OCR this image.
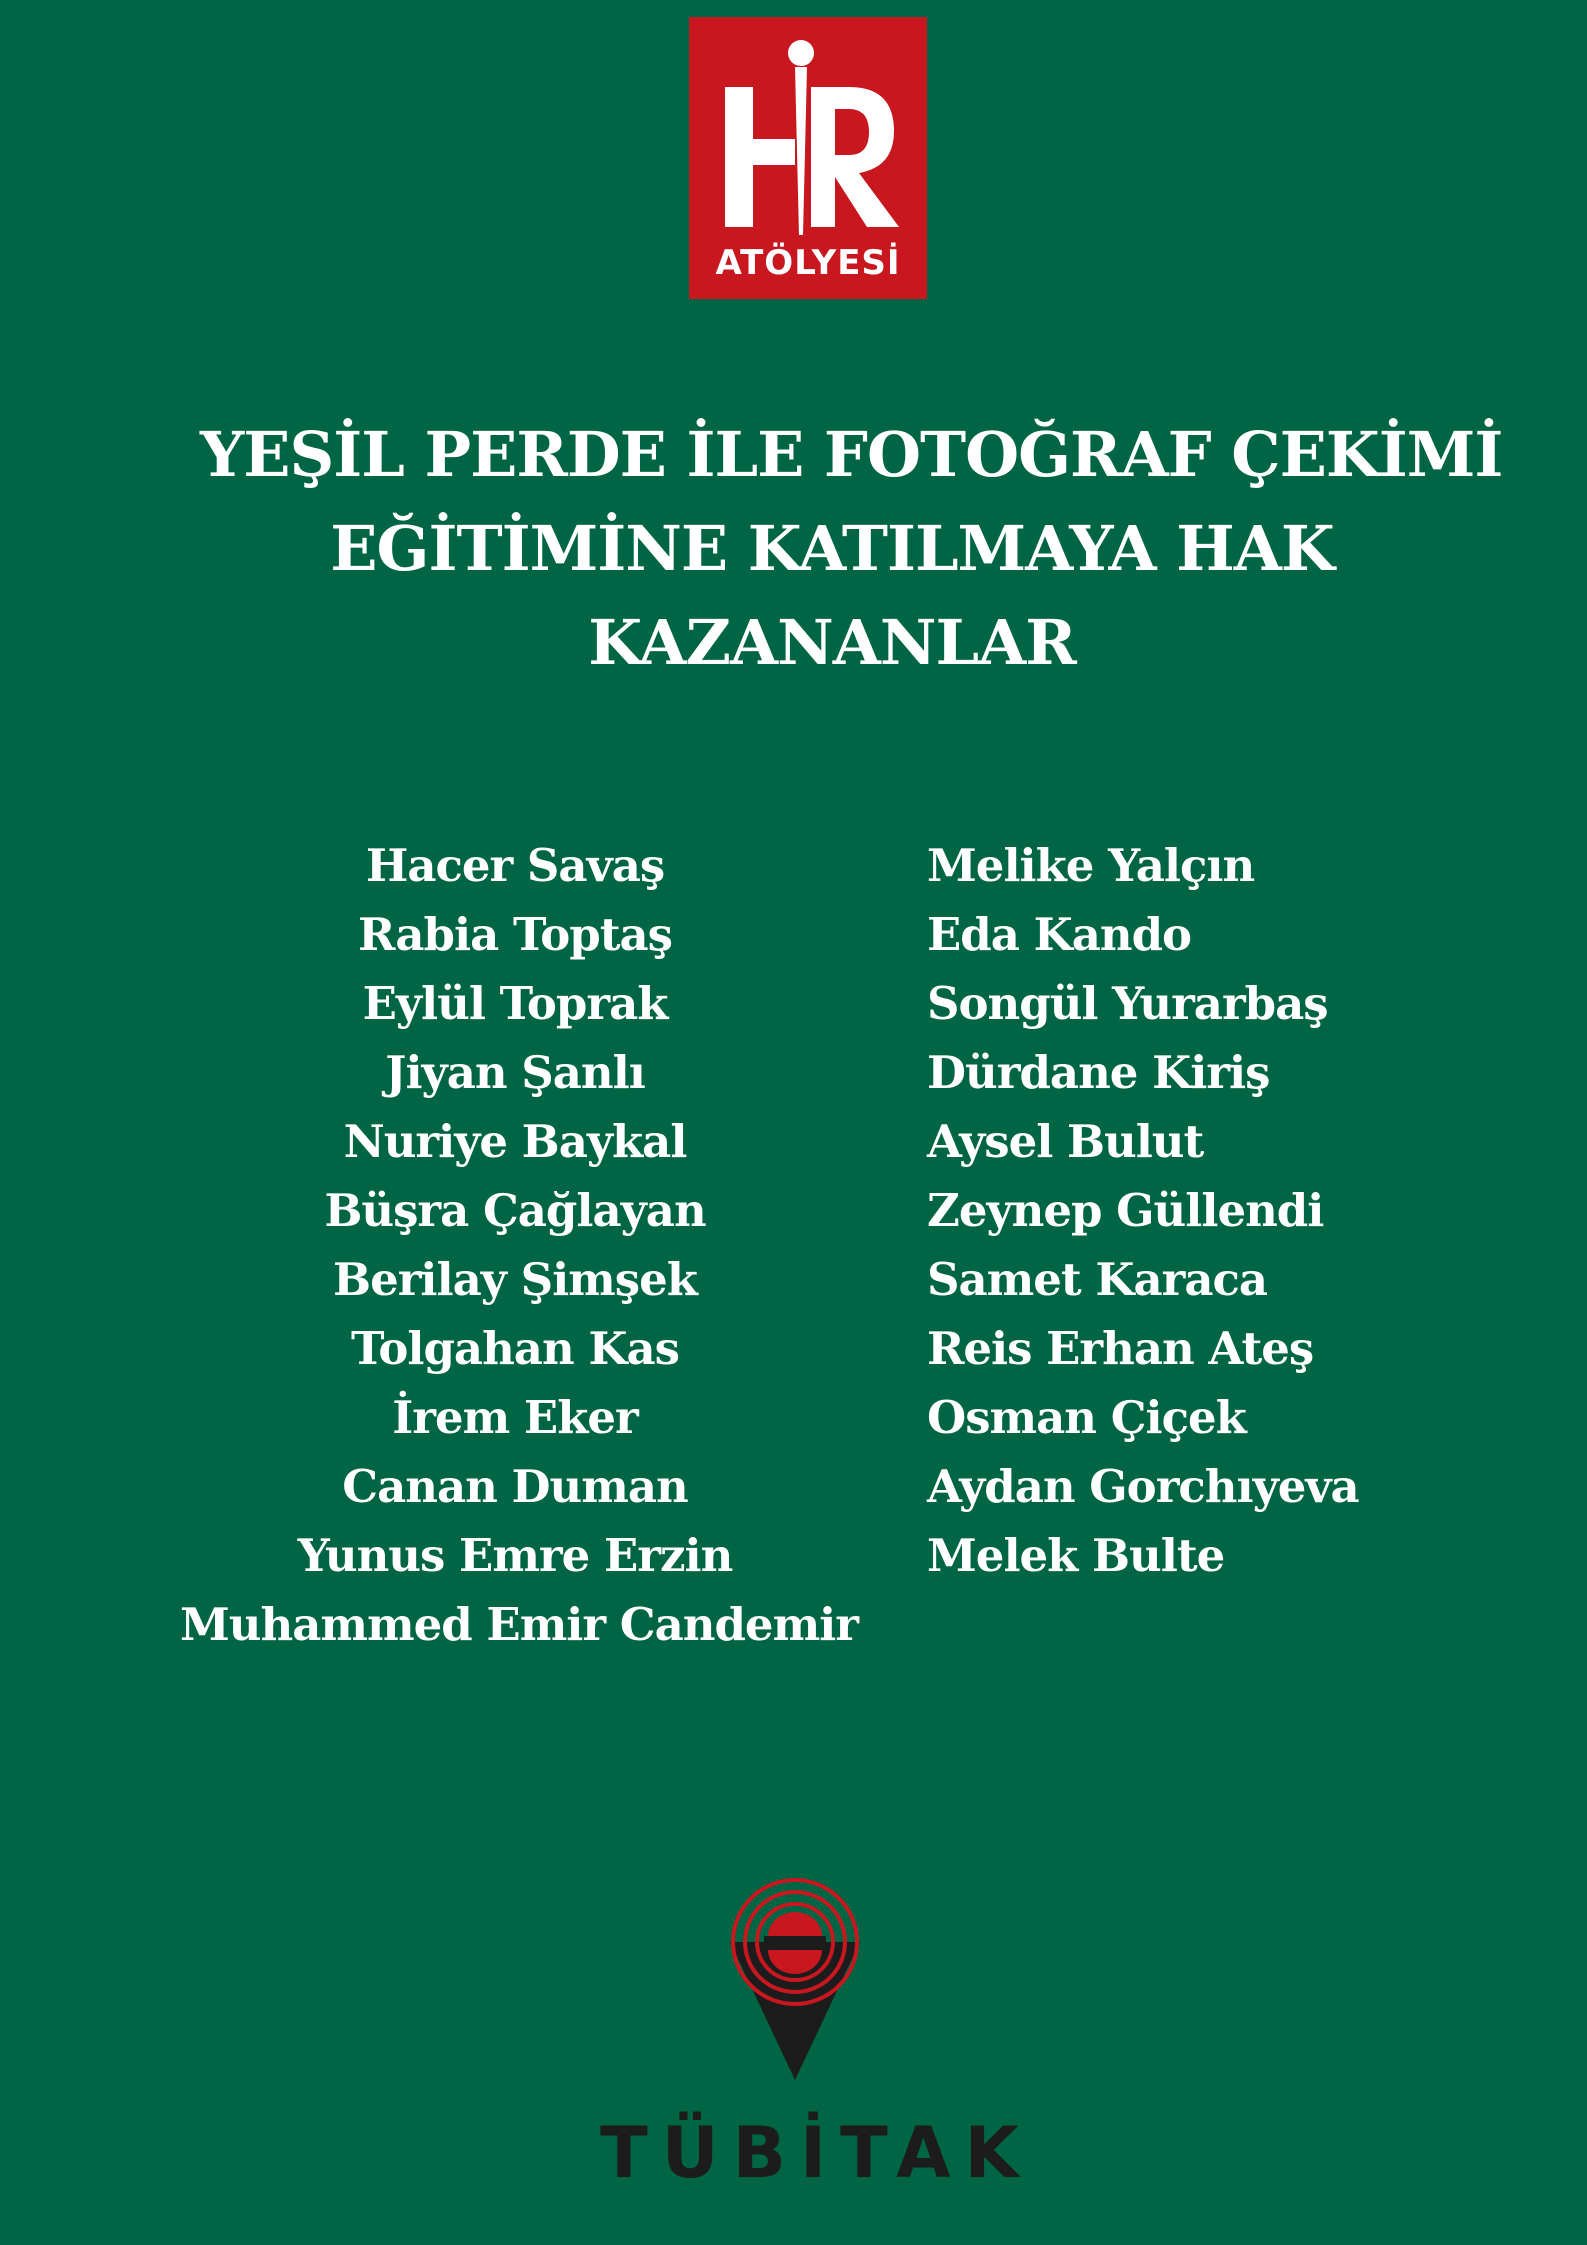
ATÖLYESİ
YEŞİL PERDE İLE FOTOĞRAF ÇEKİMİ
EĞİTİMİNE KATILMAYA HAK
KAZANANLAR
Hacer Savaş
Rabia Toptaş
Eylül Toprak
Jiyan Şanlı
Nuriye Baykal
Büşra Çağlayan
Berilay Şimşek
Tolgahan Kas
İrem Eker
Canan Duman
Yunus Emre Erzin
Muhammed Emir Candemir
Melike Yalçın
Eda Kando
Songül Yurarbaş
Dürdane Kiriş
Aysel Bulut
Zeynep Güllendi
Samet Karaca
Reis Erhan Ateş
Osman Çiçek
Aydan Gorchıyeva
Melek Bulte
TÜBİTAK
